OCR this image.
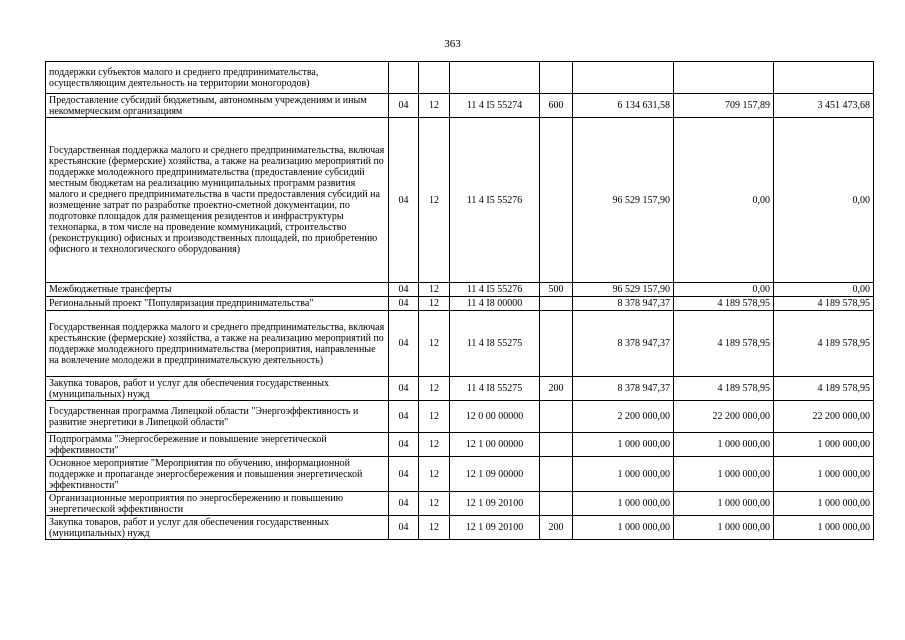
363
поддержки субъектов малого и среднего предпринимательства, осуществляющим деятельность на территории моногородов)							
Предоставление субсидий бюджетным, автономным учреждениям и иным некоммерческим организациям	04	12	11 4 I5 55274	600	6 134 631,58	709 157,89	3 451 473,68
Государственная поддержка малого и среднего предпринимательства, включая крестьянские (фермерские) хозяйства, а также на реализацию мероприятий по поддержке молодежного предпринимательства (предоставление субсидий местным бюджетам на реализацию муниципальных программ развития малого и среднего предпринимательства в части предоставления субсидий на возмещение затрат по разработке проектно-сметной документации, по подготовке площадок для размещения резидентов и инфраструктуры технопарка, в том числе на проведение коммуникаций, строительство (реконструкцию) офисных и производственных площадей, по приобретению офисного и технологического оборудования)	04	12	11 4 I5 55276		96 529 157,90	0,00	0,00
Межбюджетные трансферты	04	12	11 4 I5 55276	500	96 529 157,90	0,00	0,00
Региональный проект "Популяризация предпринимательства"	04	12	11 4 I8 00000		8 378 947,37	4 189 578,95	4 189 578,95
Государственная поддержка малого и среднего предпринимательства, включая крестьянские (фермерские) хозяйства, а также на реализацию мероприятий по поддержке молодежного предпринимательства (мероприятия, направленные на вовлечение молодежи в предпринимательскую деятельность)	04	12	11 4 I8 55275		8 378 947,37	4 189 578,95	4 189 578,95
Закупка товаров, работ и услуг для обеспечения государственных (муниципальных) нужд	04	12	11 4 I8 55275	200	8 378 947,37	4 189 578,95	4 189 578,95
Государственная программа Липецкой области "Энергоэффективность и развитие энергетики в Липецкой области"	04	12	12 0 00 00000		2 200 000,00	22 200 000,00	22 200 000,00
Подпрограмма "Энергосбережение и повышение энергетической эффективности"	04	12	12 1 00 00000		1 000 000,00	1 000 000,00	1 000 000,00
Основное мероприятие "Мероприятия по обучению, информационной поддержке и пропаганде энергосбережения и повышения энергетической эффективности"	04	12	12 1 09 00000		1 000 000,00	1 000 000,00	1 000 000,00
Организационные мероприятия по энергосбережению и повышению энергетической эффективности	04	12	12 1 09 20100		1 000 000,00	1 000 000,00	1 000 000,00
Закупка товаров, работ и услуг для обеспечения государственных (муниципальных) нужд	04	12	12 1 09 20100	200	1 000 000,00	1 000 000,00	1 000 000,00
